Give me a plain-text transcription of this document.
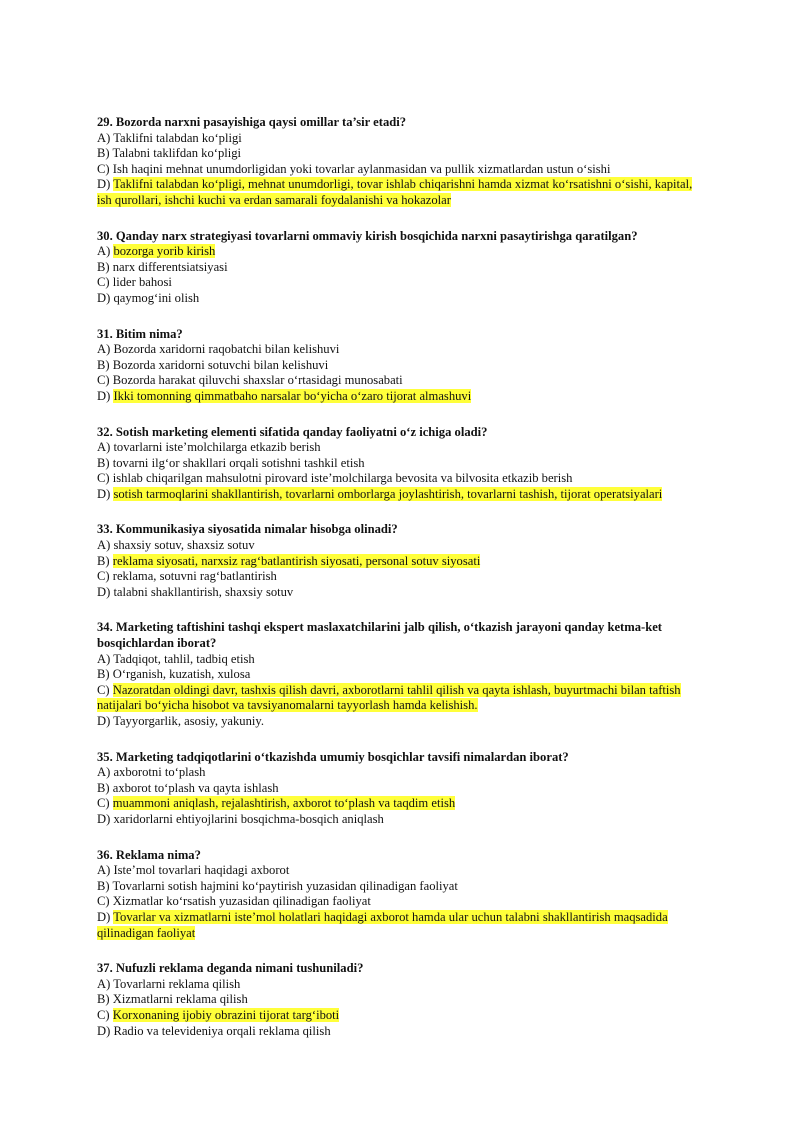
29. Bozorda narxni pasayishiga qaysi omillar ta’sir etadi?
A) Taklifni talabdan ko‘pligi
B) Talabni taklifdan ko‘pligi
C) Ish haqini mehnat unumdorligidan yoki tovarlar aylanmasidan va pullik xizmatlardan ustun o‘sishi
D) Taklifni talabdan ko‘pligi, mehnat unumdorligi, tovar ishlab chiqarishni hamda xizmat ko‘rsatishni o‘sishi, kapital, ish qurollari, ishchi kuchi va erdan samarali foydalanishi va hokazolar
30. Qanday narx strategiyasi tovarlarni ommaviy kirish bosqichida narxni pasaytirishga qaratilgan?
A) bozorga yorib kirish
B) narx differentsiatsiyasi
C) lider bahosi
D) qaymog‘ini olish
31. Bitim nima?
A) Bozorda xaridorni raqobatchi bilan kelishuvi
B) Bozorda xaridorni sotuvchi bilan kelishuvi
C) Bozorda harakat qiluvchi shaxslar o‘rtasidagi munosabati
D) Ikki tomonning qimmatbaho narsalar bo‘yicha o‘zaro tijorat almashuvi
32. Sotish marketing elementi sifatida qanday faoliyatni o‘z ichiga oladi?
A) tovarlarni iste’molchilarga etkazib berish
B) tovarni ilg‘or shakllari orqali sotishni tashkil etish
C) ishlab chiqarilgan mahsulotni pirovard iste’molchilarga bevosita va bilvosita etkazib berish
D) sotish tarmoqlarini shakllantirish, tovarlarni omborlarga joylashtirish, tovarlarni tashish, tijorat operatsiyalari
33. Kommunikasiya siyosatida nimalar hisobga olinadi?
A) shaxsiy sotuv, shaxsiz sotuv
B) reklama siyosati, narxsiz rag‘batlantirish siyosati, personal sotuv siyosati
C) reklama, sotuvni rag‘batlantirish
D) talabni shakllantirish, shaxsiy sotuv
34. Marketing taftishini tashqi ekspert maslaxatchilarini jalb qilish, o‘tkazish jarayoni qanday ketma-ket bosqichlardan iborat?
A) Tadqiqot, tahlil, tadbiq etish
B) O‘rganish, kuzatish, xulosa
C) Nazoratdan oldingi davr, tashxis qilish davri, axborotlarni tahlil qilish va qayta ishlash, buyurtmachi bilan taftish natijalari bo‘yicha hisobot va tavsiyanomalarni tayyorlash hamda kelishish.
D) Tayyorgarlik, asosiy, yakuniy.
35. Marketing tadqiqotlarini o‘tkazishda umumiy bosqichlar tavsifi nimalardan iborat?
A) axborotni to‘plash
B) axborot to‘plash va qayta ishlash
C) muammoni aniqlash, rejalashtirish, axborot to‘plash va taqdim etish
D) xaridorlarni ehtiyojlarini bosqichma-bosqich aniqlash
36. Reklama nima?
A) Iste’mol tovarlari haqidagi axborot
B) Tovarlarni sotish hajmini ko‘paytirish yuzasidan qilinadigan faoliyat
C) Xizmatlar ko‘rsatish yuzasidan qilinadigan faoliyat
D) Tovarlar va xizmatlarni iste’mol holatlari haqidagi axborot hamda ular uchun talabni shakllantirish maqsadida qilinadigan faoliyat
37. Nufuzli reklama deganda nimani tushuniladi?
A) Tovarlarni reklama qilish
B) Xizmatlarni reklama qilish
C) Korxonaning ijobiy obrazini tijorat targ‘iboti
D) Radio va televideniya orqali reklama qilish
